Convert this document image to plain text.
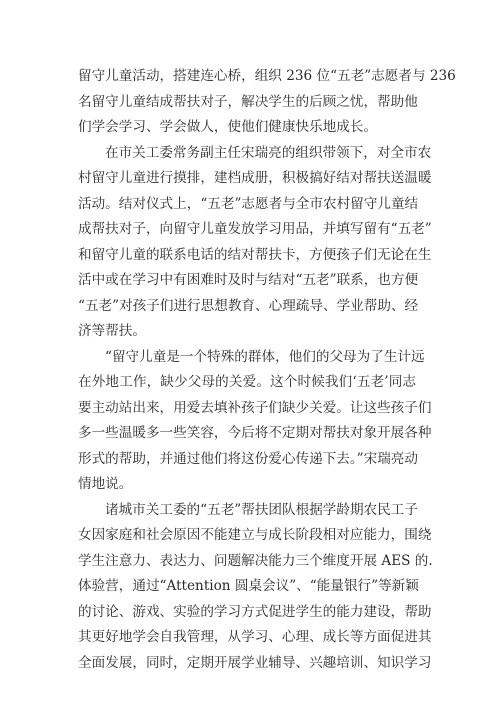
留守儿童活动，搭建连心桥，组织 236 位“五老”志愿者与 236
名留守儿童结成帮扶对子，解决学生的后顾之忧，帮助他
们学会学习、学会做人，使他们健康快乐地成长。
在市关工委常务副主任宋瑞亮的组织带领下，对全市农
村留守儿童进行摸排，建档成册，积极搞好结对帮扶送温暖
活动。结对仪式上，“五老”志愿者与全市农村留守儿童结
成帮扶对子，向留守儿童发放学习用品，并填写留有“五老”
和留守儿童的联系电话的结对帮扶卡，方便孩子们无论在生
活中或在学习中有困难时及时与结对“五老”联系，也方便
“五老”对孩子们进行思想教育、心理疏导、学业帮助、经
济等帮扶。
“留守儿童是一个特殊的群体，他们的父母为了生计远
在外地工作，缺少父母的关爱。这个时候我们‘五老’同志
要主动站出来，用爱去填补孩子们缺少关爱。让这些孩子们
多一些温暖多一些笑容，今后将不定期对帮扶对象开展各种
形式的帮助，并通过他们将这份爱心传递下去。”宋瑞亮动
情地说。
诸城市关工委的“五老”帮扶团队根据学龄期农民工子
女因家庭和社会原因不能建立与成长阶段相对应能力，围绕
学生注意力、表达力、问题解决能力三个维度开展 AES 的.
体验营，通过“Attention 圆桌会议”、“能量银行”等新颖
的讨论、游戏、实验的学习方式促进学生的能力建设，帮助
其更好地学会自我管理，从学习、心理、成长等方面促进其
全面发展，同时，定期开展学业辅导、兴趣培训、知识学习
